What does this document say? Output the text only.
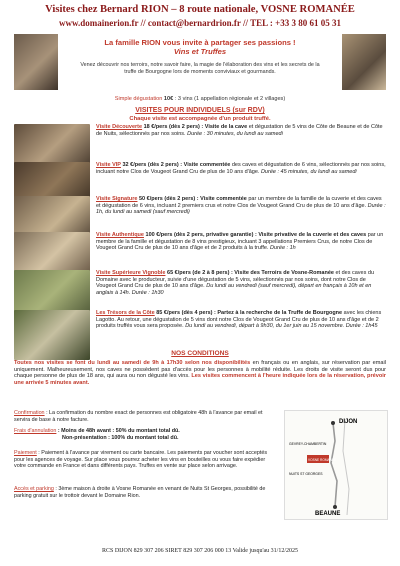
Visites chez Bernard RION – 8 route nationale, VOSNE ROMANÉE
www.domainerion.fr // contact@bernardrion.fr // TEL : +33 3 80 61 05 31
La famille RION vous invite à partager ses passions !
Vins et Truffes
Venez découvrir nos terroirs, notre savoir faire, la magie de l'élaboration des vins et les secrets de la truffe de Bourgogne lors de moments conviviaux et gourmands.
Simple dégustation 10€ : 3 vins (1 appellation régionale et 2 villages)
VISITES POUR INDIVIDUELS (sur RDV)
Chaque visite est accompagnée d'un produit truffé.
Visite Découverte 18 €/pers (dès 2 pers) : Visite de la cave et dégustation de 5 vins de Côte de Beaune et de Côte de Nuits, sélectionnés par nos soins. Durée : 30 minutes, du lundi au samedi
Visite VIP 32 €/pers (dès 2 pers) : Visite commentée des caves et dégustation de 6 vins, sélectionnés par nos soins, incluant notre Clos de Vougeot Grand Cru de plus de 10 ans d'âge. Durée : 45 minutes, du lundi au samedi
Visite Signature 50 €/pers (dès 2 pers) : Visite commentée par un membre de la famille de la cuverie et des caves et dégustation de 6 vins, incluant 2 premiers crus et notre Clos de Vougeot Grand Cru de plus de 10 ans d'âge. Durée : 1h, du lundi au samedi (sauf mercredi)
Visite Authentique 100 €/pers (dès 2 pers, privative garantie) : Visite privative de la cuverie et des caves par un membre de la famille et dégustation de 8 vins prestigieux, incluant 3 appellations Premiers Crus, de notre Clos de Vougeot Grand Cru de plus de 10 ans d'âge et de 2 produits à la truffe. Durée : 1h
Visite Supérieure Vignoble 65 €/pers (de 2 à 8 pers) : Visite des Terroirs de Vosne-Romanée et des caves du Domaine avec le producteur, suivie d'une dégustation de 5 vins, sélectionnés par nos soins, dont notre Clos de Vougeot Grand Cru de plus de 10 ans d'âge. Du lundi au vendredi (sauf mercredi), départ en français à 10h et en anglais à 14h. Durée : 1h30
Les Trésors de la Côte 85 €/pers (dès 4 pers) : Partez à la recherche de la Truffe de Bourgogne avec les chiens Lagotto. Au retour, une dégustation de 5 vins dont notre Clos de Vougeot Grand Cru de plus de 10 ans d'âge et de 2 produits truffés vous sera proposée. Du lundi au vendredi, départ à 9h30, du 1er juin au 15 novembre. Durée : 1h45
NOS CONDITIONS
Toutes nos visites se font du lundi au samedi de 9h à 17h30 selon nos disponibilités en français ou en anglais, sur réservation par email uniquement. Malheureusement, nos caves ne possèdent pas d'accès pour les personnes à mobilité réduite. Les droits de visite seront dus pour chaque personne de plus de 18 ans, qui aura ou non dégusté les vins. Les visites commencent à l'heure indiquée lors de la réservation, prévoir une arrivée 5 minutes avant.
Confirmation : La confirmation du nombre exact de personnes est obligatoire 48h à l'avance par email et servira de base à notre facture.
Frais d'annulation : Moins de 48h avant : 50% du montant total dû.
Non-présentation : 100% du montant total dû.
Paiement : Paiement à l'avance par virement ou carte bancaire. Les paiements par voucher sont acceptés pour les agences de voyage. Sur place vous pourrez acheter les vins en bouteilles ou vous faire expédier votre commande en France et dans différents pays. Truffes en vente sur place selon arrivage.
Accès et parking : 3ème maison à droite à Vosne Romanée en venant de Nuits St Georges, possibilité de parking gratuit sur le trottoir devant le Domaine Rion.
DIJON
BEAUNE
GEVREY-CHAMBERTIN
VOSNE ROMANÉE
NUITS ST GEORGES
RCS DIJON 829 307 206 SIRET 829 307 206 000 13 Valide jusqu'au 31/12/2025
